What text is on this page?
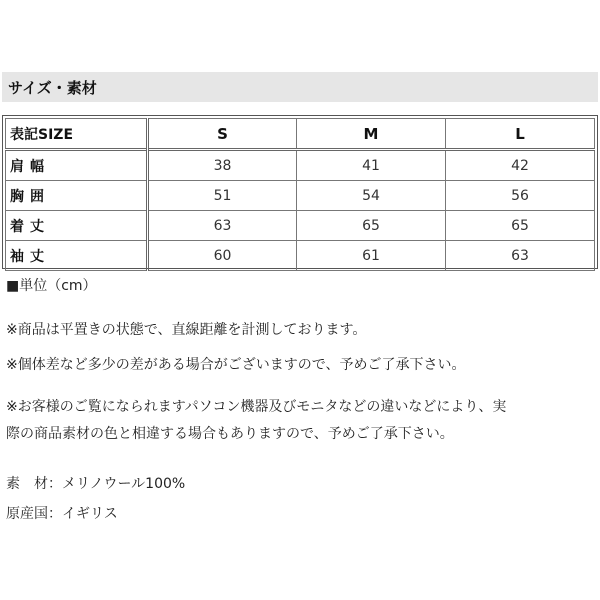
サイズ・素材
表記SIZE	S	M	L
肩幅	38	41	42
胸囲	51	54	56
着丈	63	65	65
袖丈	60	61	63
■単位（cm）
※商品は平置きの状態で、直線距離を計測しております。
※個体差など多少の差がある場合がございますので、予めご了承下さい。
※お客様のご覧になられますパソコン機器及びモニタなどの違いなどにより、実
際の商品素材の色と相違する場合もありますので、予めご了承下さい。
素　材：メリノウール100%
原産国：イギリス
